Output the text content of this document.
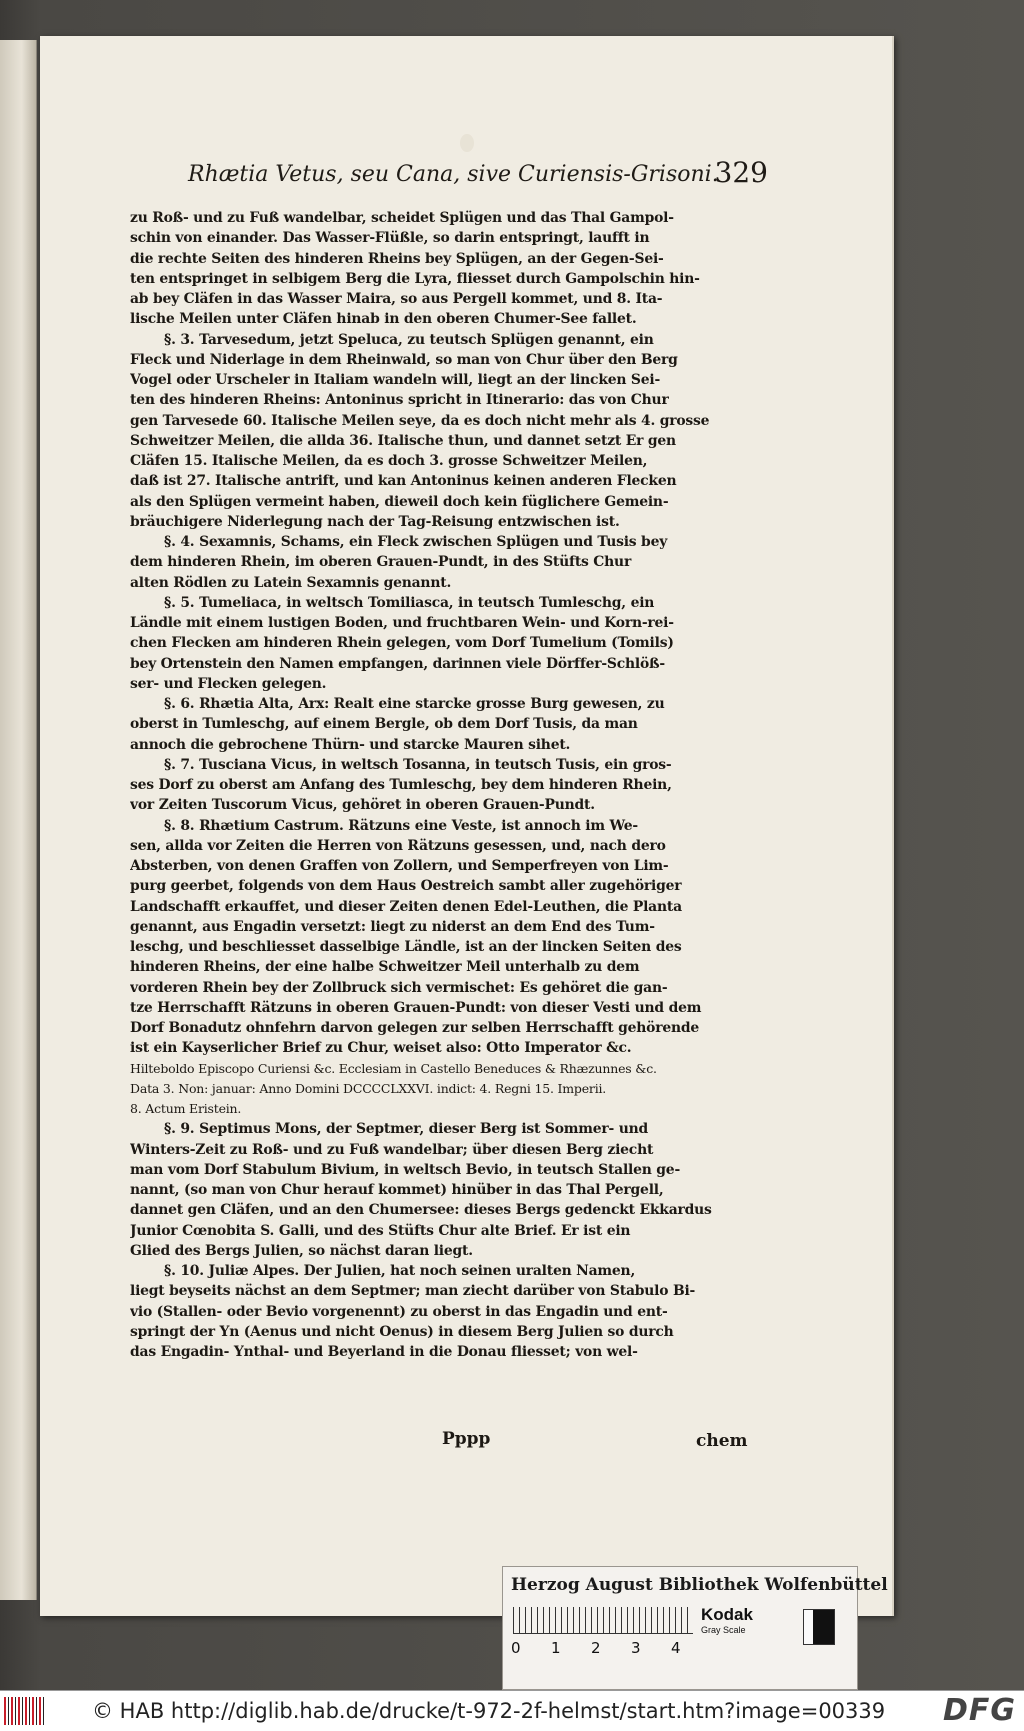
Rhætia Vetus, seu Cana, sive Curiensis-Grisoni.
329
zu Roß- und zu Fuß wandelbar, scheidet Splügen und das Thal Gampol-
schin von einander. Das Wasser-Flüßle, so darin entspringt, laufft in
die rechte Seiten des hinderen Rheins bey Splügen, an der Gegen-Sei-
ten entspringet in selbigem Berg die Lyra, fliesset durch Gampolschin hin-
ab bey Cläfen in das Wasser Maira, so aus Pergell kommet, und 8. Ita-
lische Meilen unter Cläfen hinab in den oberen Chumer-See fallet.
§. 3. Tarvesedum, jetzt Speluca, zu teutsch Splügen genannt, ein
Fleck und Niderlage in dem Rheinwald, so man von Chur über den Berg
Vogel oder Urscheler in Italiam wandeln will, liegt an der lincken Sei-
ten des hinderen Rheins: Antoninus spricht in Itinerario: das von Chur
gen Tarvesede 60. Italische Meilen seye, da es doch nicht mehr als 4. grosse
Schweitzer Meilen, die allda 36. Italische thun, und dannet setzt Er gen
Cläfen 15. Italische Meilen, da es doch 3. grosse Schweitzer Meilen,
daß ist 27. Italische antrift, und kan Antoninus keinen anderen Flecken
als den Splügen vermeint haben, dieweil doch kein füglichere Gemein-
bräuchigere Niderlegung nach der Tag-Reisung entzwischen ist.
§. 4. Sexamnis, Schams, ein Fleck zwischen Splügen und Tusis bey
dem hinderen Rhein, im oberen Grauen-Pundt, in des Stüfts Chur
alten Rödlen zu Latein Sexamnis genannt.
§. 5. Tumeliaca, in weltsch Tomiliasca, in teutsch Tumleschg, ein
Ländle mit einem lustigen Boden, und fruchtbaren Wein- und Korn-rei-
chen Flecken am hinderen Rhein gelegen, vom Dorf Tumelium (Tomils)
bey Ortenstein den Namen empfangen, darinnen viele Dörffer-Schlöß-
ser- und Flecken gelegen.
§. 6. Rhætia Alta, Arx: Realt eine starcke grosse Burg gewesen, zu
oberst in Tumleschg, auf einem Bergle, ob dem Dorf Tusis, da man
annoch die gebrochene Thürn- und starcke Mauren sihet.
§. 7. Tusciana Vicus, in weltsch Tosanna, in teutsch Tusis, ein gros-
ses Dorf zu oberst am Anfang des Tumleschg, bey dem hinderen Rhein,
vor Zeiten Tuscorum Vicus, gehöret in oberen Grauen-Pundt.
§. 8. Rhætium Castrum. Rätzuns eine Veste, ist annoch im We-
sen, allda vor Zeiten die Herren von Rätzuns gesessen, und, nach dero
Absterben, von denen Graffen von Zollern, und Semperfreyen von Lim-
purg geerbet, folgends von dem Haus Oestreich sambt aller zugehöriger
Landschafft erkauffet, und dieser Zeiten denen Edel-Leuthen, die Planta
genannt, aus Engadin versetzt: liegt zu niderst an dem End des Tum-
leschg, und beschliesset dasselbige Ländle, ist an der lincken Seiten des
hinderen Rheins, der eine halbe Schweitzer Meil unterhalb zu dem
vorderen Rhein bey der Zollbruck sich vermischet: Es gehöret die gan-
tze Herrschafft Rätzuns in oberen Grauen-Pundt: von dieser Vesti und dem
Dorf Bonadutz ohnfehrn darvon gelegen zur selben Herrschafft gehörende
ist ein Kayserlicher Brief zu Chur, weiset also: Otto Imperator &c.
Hilteboldo Episcopo Curiensi &c. Ecclesiam in Castello Beneduces & Rhæzunnes &c.
Data 3. Non: januar: Anno Domini DCCCCLXXVI. indict: 4. Regni 15. Imperii.
8. Actum Eristein.
§. 9. Septimus Mons, der Septmer, dieser Berg ist Sommer- und
Winters-Zeit zu Roß- und zu Fuß wandelbar; über diesen Berg ziecht
man vom Dorf Stabulum Bivium, in weltsch Bevio, in teutsch Stallen ge-
nannt, (so man von Chur herauf kommet) hinüber in das Thal Pergell,
dannet gen Cläfen, und an den Chumersee: dieses Bergs gedenckt Ekkardus
Junior Cœnobita S. Galli, und des Stüfts Chur alte Brief. Er ist ein
Glied des Bergs Julien, so nächst daran liegt.
§. 10. Juliæ Alpes. Der Julien, hat noch seinen uralten Namen,
liegt beyseits nächst an dem Septmer; man ziecht darüber von Stabulo Bi-
vio (Stallen- oder Bevio vorgenennt) zu oberst in das Engadin und ent-
springt der Yn (Aenus und nicht Oenus) in diesem Berg Julien so durch
das Engadin- Ynthal- und Beyerland in die Donau fliesset; von wel-
Pppp	chem
Herzog August Bibliothek Wolfenbüttel
0 1 2 3 4
Kodak
Gray Scale
© HAB http://diglib.hab.de/drucke/t-972-2f-helmst/start.htm?image=00339 DFG
